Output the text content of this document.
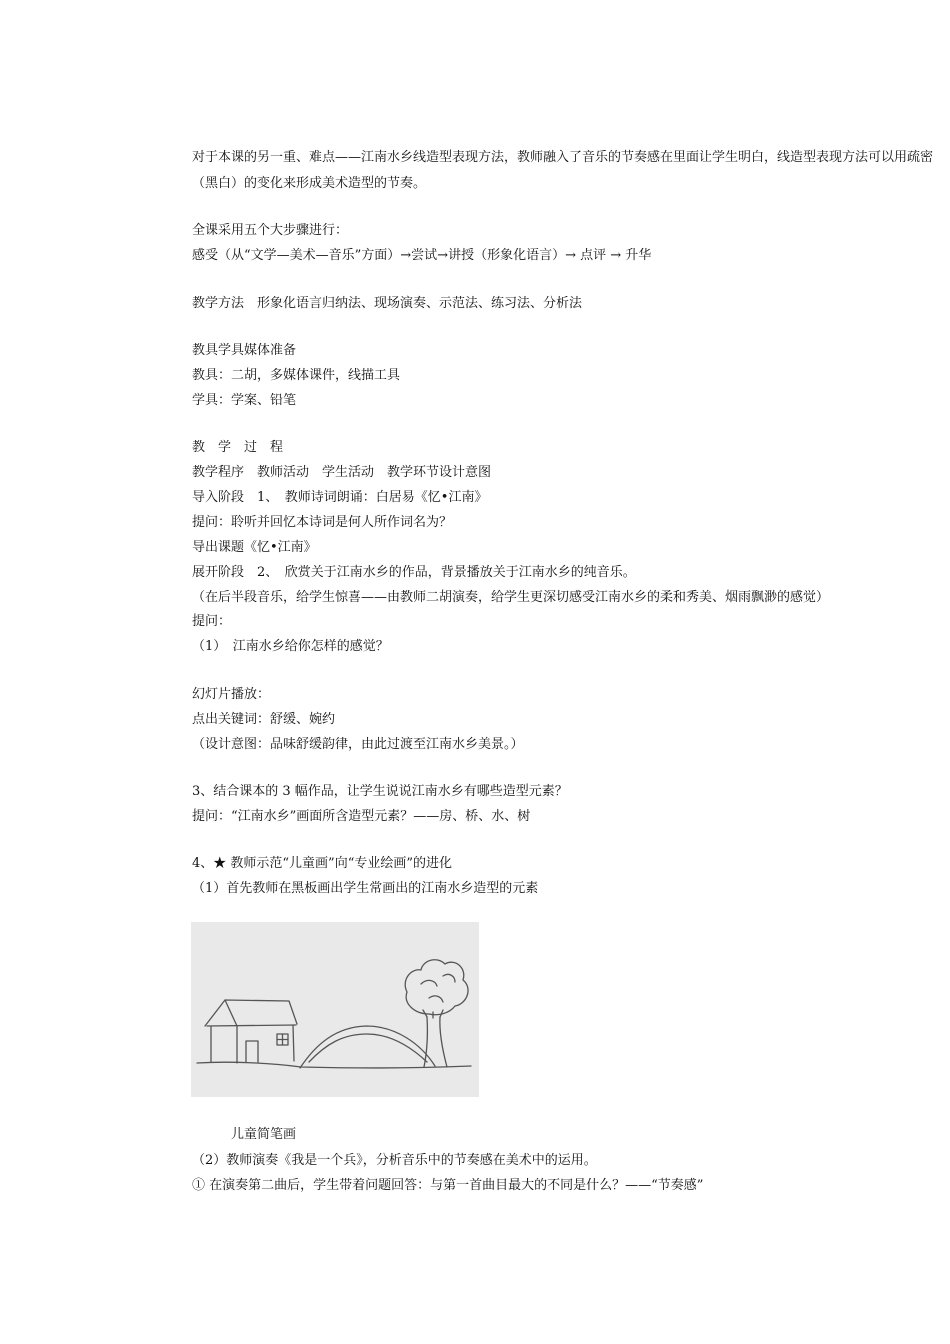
对于本课的另一重、难点——江南水乡线造型表现方法，教师融入了音乐的节奏感在里面让学生明白，线造型表现方法可以用疏密（黑白）的变化来形成美术造型的节奏。
全课采用五个大步骤进行：
感受（从“文学—美术—音乐”方面）→尝试→讲授（形象化语言）→ 点评 → 升华
教学方法　形象化语言归纳法、现场演奏、示范法、练习法、分析法
教具学具媒体准备
教具：二胡，多媒体课件，线描工具
学具：学案、铅笔
教　学　过　程
教学程序　教师活动　学生活动　教学环节设计意图
导入阶段　1、　教师诗词朗诵：白居易《忆•江南》
提问：聆听并回忆本诗词是何人所作词名为？
导出课题《忆•江南》
展开阶段　2、　欣赏关于江南水乡的作品，背景播放关于江南水乡的纯音乐。
（在后半段音乐，给学生惊喜——由教师二胡演奏，给学生更深切感受江南水乡的柔和秀美、烟雨飘渺的感觉）
提问：
（1）　江南水乡给你怎样的感觉？
幻灯片播放：
点出关键词：舒缓、婉约
（设计意图：品味舒缓韵律，由此过渡至江南水乡美景。）
3、结合课本的 3 幅作品，让学生说说江南水乡有哪些造型元素？
提问：“江南水乡”画面所含造型元素？——房、桥、水、树
4、★ 教师示范“儿童画”向“专业绘画”的进化
（1）首先教师在黑板画出学生常画出的江南水乡造型的元素
儿童简笔画
（2）教师演奏《我是一个兵》，分析音乐中的节奏感在美术中的运用。
① 在演奏第二曲后，学生带着问题回答：与第一首曲目最大的不同是什么？——“节奏感”
